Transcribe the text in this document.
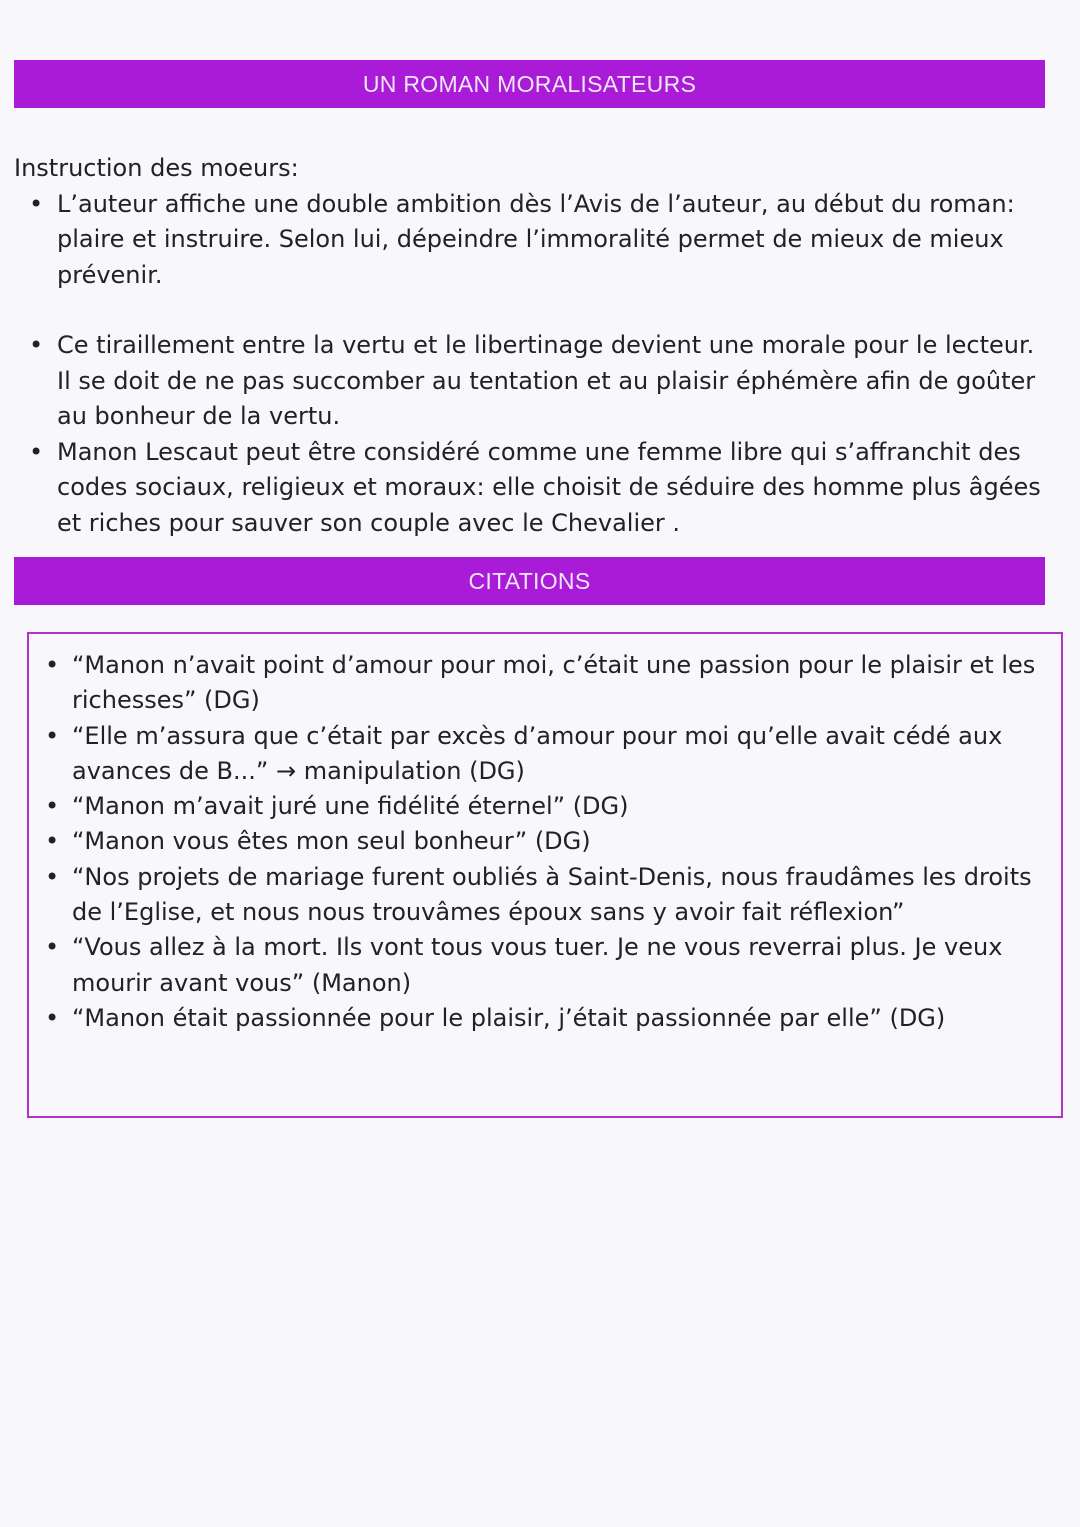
UN ROMAN MORALISATEURS

Instruction des moeurs:

• L’auteur affiche une double ambition dès l’Avis de l’auteur, au début du roman: plaire et instruire. Selon lui, dépeindre l’immoralité permet de mieux de mieux prévenir.
• Ce tiraillement entre la vertu et le libertinage devient une morale pour le lecteur. Il se doit de ne pas succomber au tentation et au plaisir éphémère afin de goûter au bonheur de la vertu.
• Manon Lescaut peut être considéré comme une femme libre qui s’affranchit des codes sociaux, religieux et moraux: elle choisit de séduire des homme plus âgées et riches pour sauver son couple avec le Chevalier .
CITATIONS
• “Manon n’avait point d’amour pour moi, c’était une passion pour le plaisir et les richesses” (DG)
• “Elle m’assura que c’était par excès d’amour pour moi qu’elle avait cédé aux avances de B...” → manipulation (DG)
• “Manon m’avait juré une fidélité éternel” (DG)
• “Manon vous êtes mon seul bonheur” (DG)
• “Nos projets de mariage furent oubliés à Saint-Denis, nous fraudâmes les droits de l’Eglise, et nous nous trouvâmes époux sans y avoir fait réflexion”
• “Vous allez à la mort. Ils vont tous vous tuer. Je ne vous reverrai plus. Je veux mourir avant vous” (Manon)
• “Manon était passionnée pour le plaisir, j’était passionnée par elle” (DG)
